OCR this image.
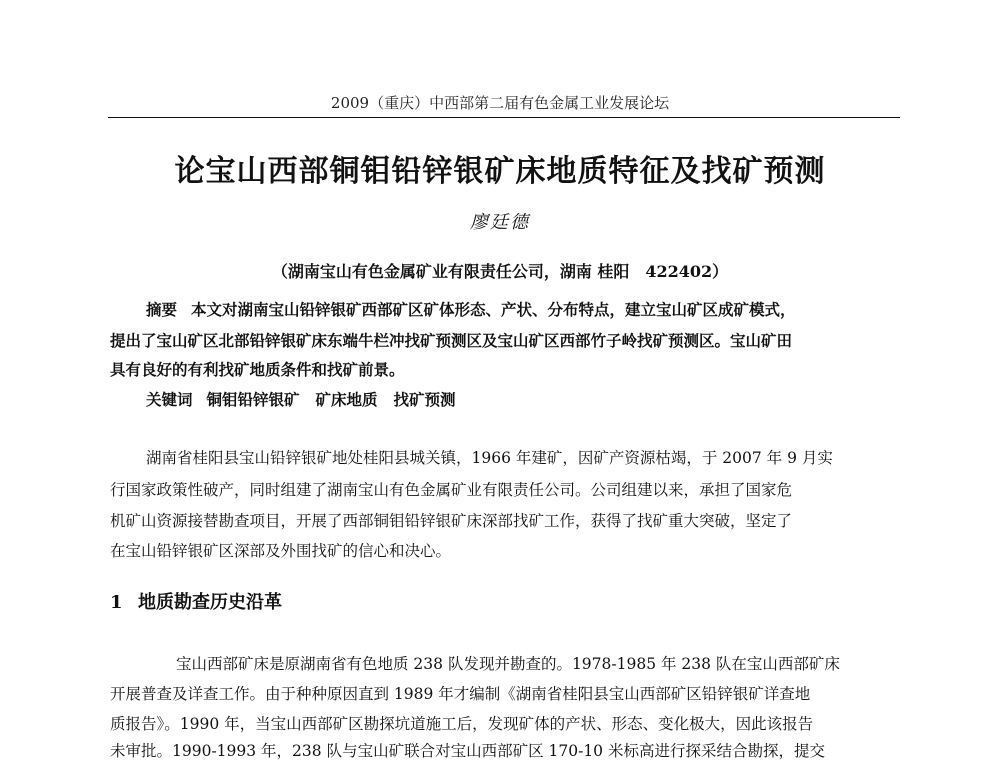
2009（重庆）中西部第二届有色金属工业发展论坛
论宝山西部铜钼铅锌银矿床地质特征及找矿预测
廖廷德
（湖南宝山有色金属矿业有限责任公司，湖南 桂阳　422402）
摘要 本文对湖南宝山铅锌银矿西部矿区矿体形态、产状、分布特点，建立宝山矿区成矿模式，
提出了宝山矿区北部铅锌银矿床东端牛栏冲找矿预测区及宝山矿区西部竹子岭找矿预测区。宝山矿田
具有良好的有利找矿地质条件和找矿前景。
关键词 铜钼铅锌银矿 矿床地质 找矿预测
湖南省桂阳县宝山铅锌银矿地处桂阳县城关镇，1966 年建矿，因矿产资源枯竭，于 2007 年 9 月实
行国家政策性破产，同时组建了湖南宝山有色金属矿业有限责任公司。公司组建以来，承担了国家危
机矿山资源接替勘查项目，开展了西部铜钼铅锌银矿床深部找矿工作，获得了找矿重大突破，坚定了
在宝山铅锌银矿区深部及外围找矿的信心和决心。
1 地质勘查历史沿革
宝山西部矿床是原湖南省有色地质 238 队发现并勘查的。1978-1985 年 238 队在宝山西部矿床
开展普查及详查工作。由于种种原因直到 1989 年才编制《湖南省桂阳县宝山西部矿区铅锌银矿详查地
质报告》。1990 年，当宝山西部矿区勘探坑道施工后，发现矿体的产状、形态、变化极大，因此该报告
未审批。1990-1993 年，238 队与宝山矿联合对宝山西部矿区 170-10 米标高进行探采结合勘探，提交
